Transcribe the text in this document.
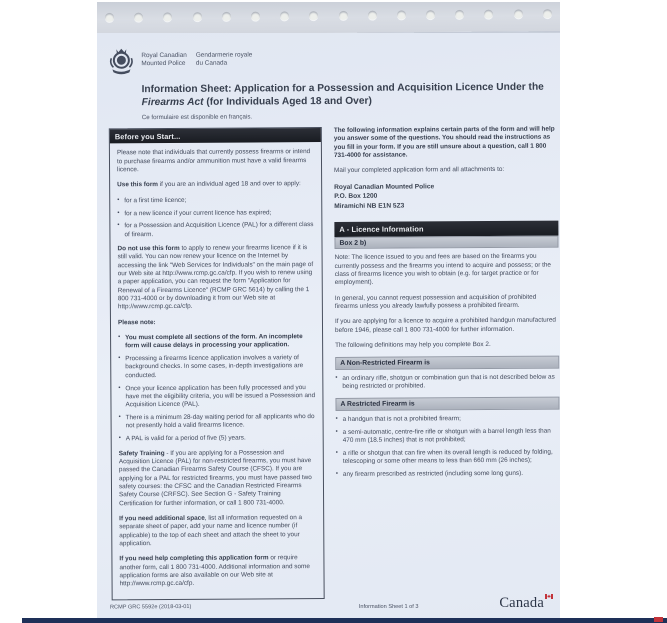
Royal Canadian
Mounted Police
Gendarmerie royale
du Canada
Information Sheet: Application for a Possession and Acquisition Licence Under the Firearms Act (for Individuals Aged 18 and Over)
Ce formulaire est disponible en français.
Before you Start...

Please note that individuals that currently possess firearms or intend to purchase firearms and/or ammunition must have a valid firearms licence.

Use this form if you are an individual aged 18 and over to apply:

• for a first time licence;
• for a new licence if your current licence has expired;
• for a Possession and Acquisition Licence (PAL) for a different class of firearm.

Do not use this form to apply to renew your firearms licence if it is still valid. You can now renew your licence on the Internet by accessing the link "Web Services for Individuals" on the main page of our Web site at http://www.rcmp.gc.ca/cfp. If you wish to renew using a paper application, you can request the form "Application for Renewal of a Firearms Licence" (RCMP GRC 5614) by calling the 1 800 731-4000 or by downloading it from our Web site at http://www.rcmp.gc.ca/cfp.

Please note:

• You must complete all sections of the form. An incomplete form will cause delays in processing your application.
• Processing a firearms licence application involves a variety of background checks. In some cases, in-depth investigations are conducted.
• Once your licence application has been fully processed and you have met the eligibility criteria, you will be issued a Possession and Acquisition Licence (PAL).
• There is a minimum 28-day waiting period for all applicants who do not presently hold a valid firearms licence.
• A PAL is valid for a period of five (5) years.

Safety Training - If you are applying for a Possession and Acquisition Licence (PAL) for non-restricted firearms, you must have passed the Canadian Firearms Safety Course (CFSC). If you are applying for a PAL for restricted firearms, you must have passed two safety courses: the CFSC and the Canadian Restricted Firearms Safety Course (CRFSC). See Section G - Safety Training Certification for further information, or call 1 800 731-4000.

If you need additional space, list all information requested on a separate sheet of paper, add your name and licence number (if applicable) to the top of each sheet and attach the sheet to your application.

If you need help completing this application form or require another form, call 1 800 731-4000. Additional information and some application forms are also available on our Web site at http://www.rcmp.gc.ca/cfp.

The following information explains certain parts of the form and will help you answer some of the questions. You should read the instructions as you fill in your form. If you are still unsure about a question, call 1 800 731-4000 for assistance.

Mail your completed application form and all attachments to:

Royal Canadian Mounted Police
P.O. Box 1200
Miramichi NB E1N 5Z3
A - Licence Information
Box 2 b)

Note: The licence issued to you and fees are based on the firearms you currently possess and the firearms you intend to acquire and possess; or the class of firearms licence you wish to obtain (e.g. for target practice or for employment).

In general, you cannot request possession and acquisition of prohibited firearms unless you already lawfully possess a prohibited firearm.

If you are applying for a licence to acquire a prohibited handgun manufactured before 1946, please call 1 800 731-4000 for further information.

The following definitions may help you complete Box 2.

A Non-Restricted Firearm is
• an ordinary rifle, shotgun or combination gun that is not described below as being restricted or prohibited.
A Restricted Firearm is
• a handgun that is not a prohibited firearm;
• a semi-automatic, centre-fire rifle or shotgun with a barrel length less than 470 mm (18.5 inches) that is not prohibited;
• a rifle or shotgun that can fire when its overall length is reduced by folding, telescoping or some other means to less than 660 mm (26 inches);
• any firearm prescribed as restricted (including some long guns).
RCMP GRC 5592e (2018-03-01)	Information Sheet 1 of 3	Canada
